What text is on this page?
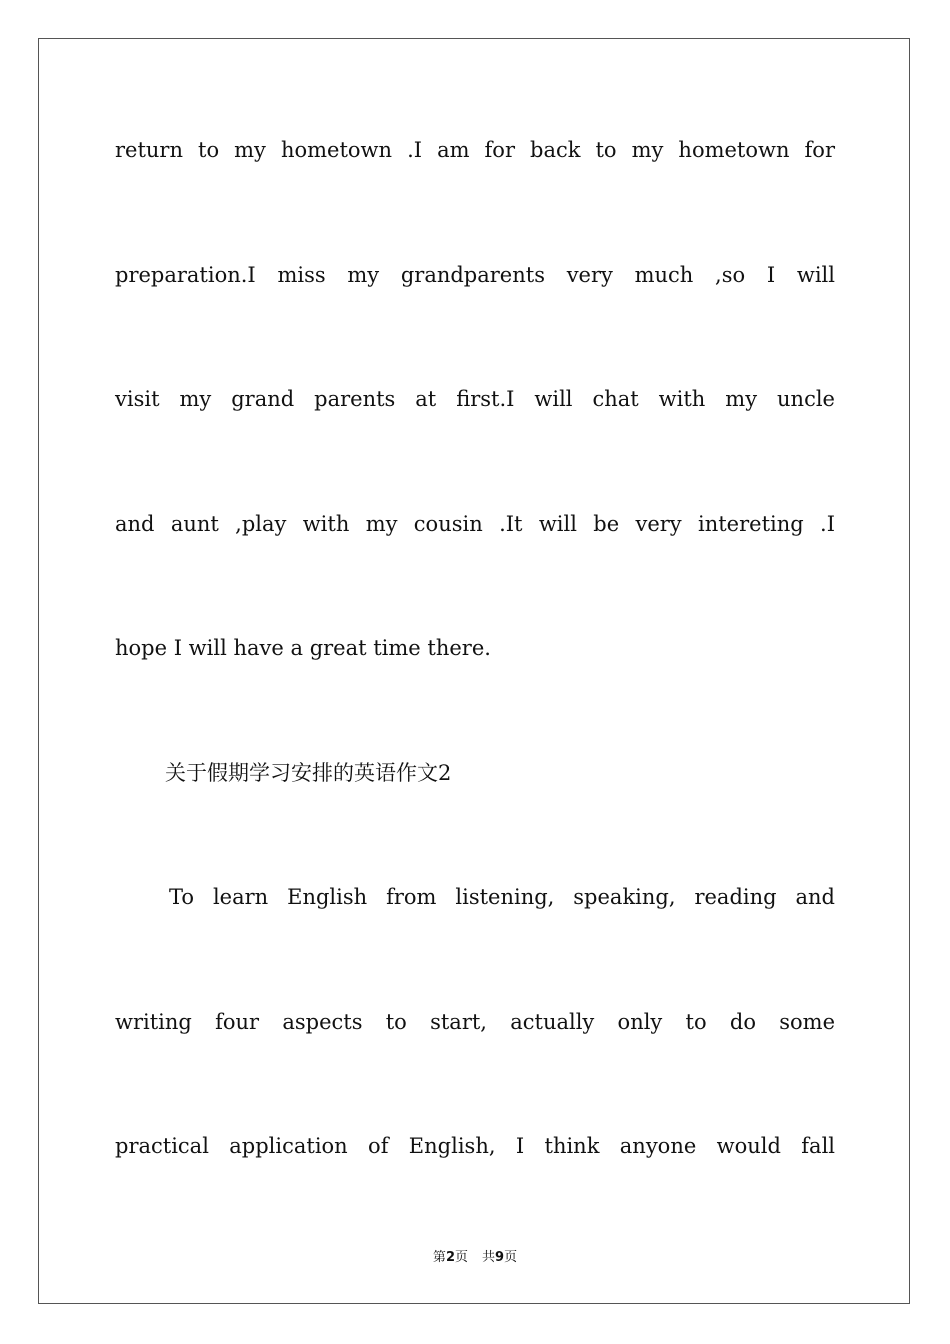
return to my hometown .I am for back to my hometown for
preparation.I miss my grandparents very much ,so I will
visit my grand parents at first.I will chat with my uncle
and aunt ,play with my cousin .It will be very intereting .I
hope I will have a great time there.
关于假期学习安排的英语作文2
To learn English from listening, speaking, reading and
writing four aspects to start, actually only to do some
practical application of English, I think anyone would fall
第2页 共9页
